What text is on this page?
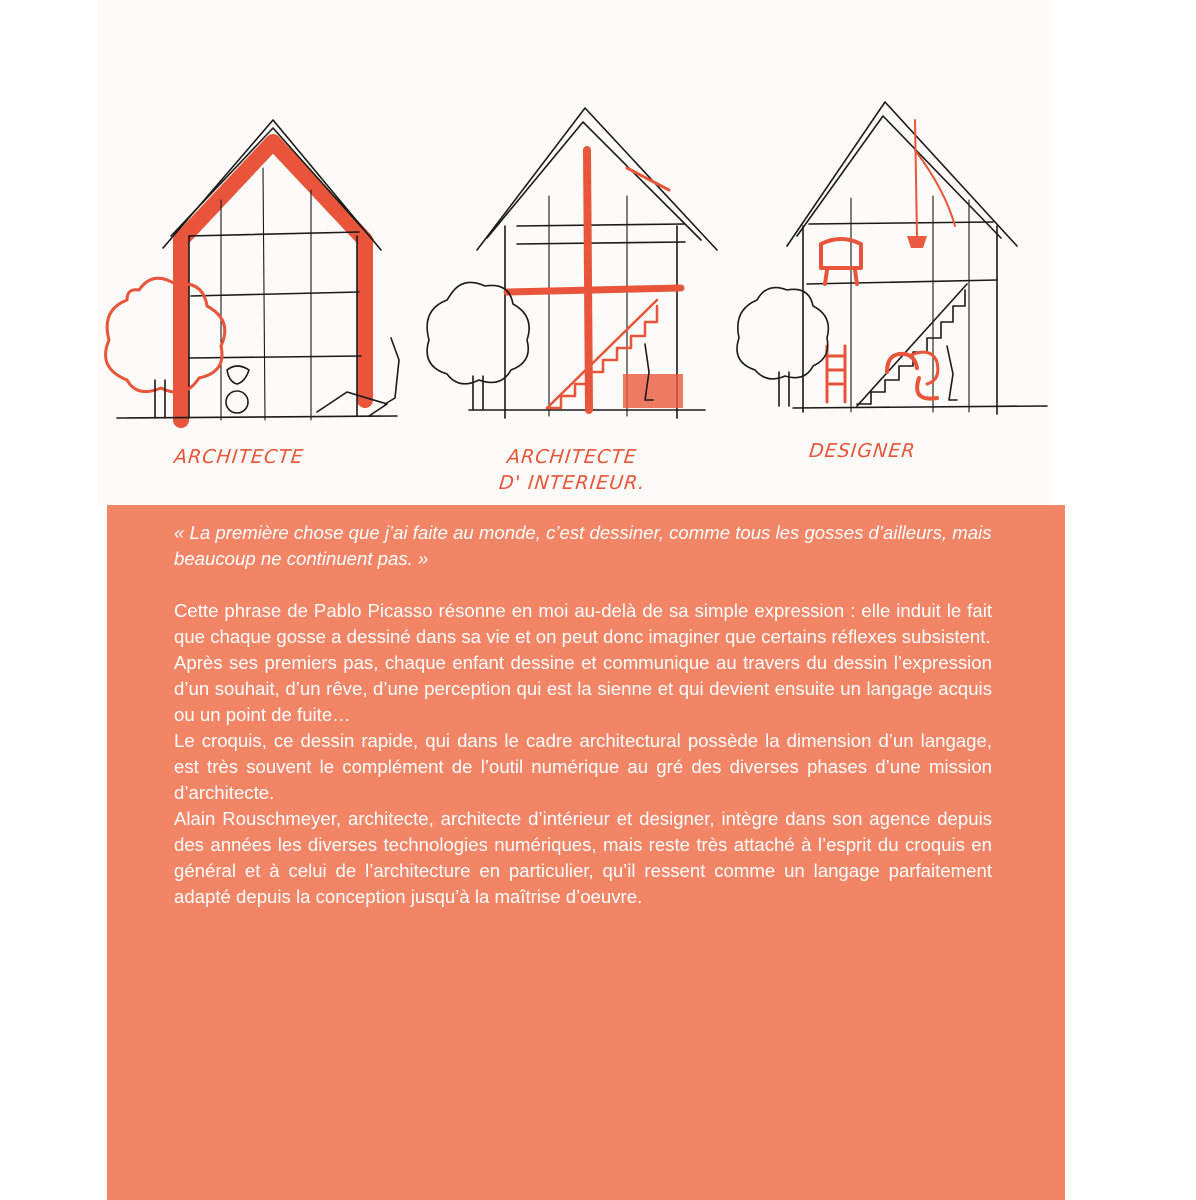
ARCHITECTE	ARCHITECTE
D' INTERIEUR.
DESIGNER

« La première chose que j’ai faite au monde, c’est dessiner, comme tous les gosses d’ailleurs, mais beaucoup ne continuent pas. »

Cette phrase de Pablo Picasso résonne en moi au-delà de sa simple expression : elle induit le fait que chaque gosse a dessiné dans sa vie et on peut donc imaginer que certains réflexes subsistent.
Après ses premiers pas, chaque enfant dessine et communique au travers du dessin l’expression d’un souhait, d’un rêve, d’une perception qui est la sienne et qui devient ensuite un langage acquis ou un point de fuite…
Le croquis, ce dessin rapide, qui dans le cadre architectural possède la dimension d’un langage, est très souvent le complément de l’outil numérique au gré des diverses phases d’une mission d’architecte.
Alain Rouschmeyer, architecte, architecte d’intérieur et designer, intègre dans son agence depuis des années les diverses technologies numériques, mais reste très attaché à l’esprit du croquis en général et à celui de l’architecture en particulier, qu’il ressent comme un langage parfaitement adapté depuis la conception jusqu’à la maîtrise d’oeuvre.
